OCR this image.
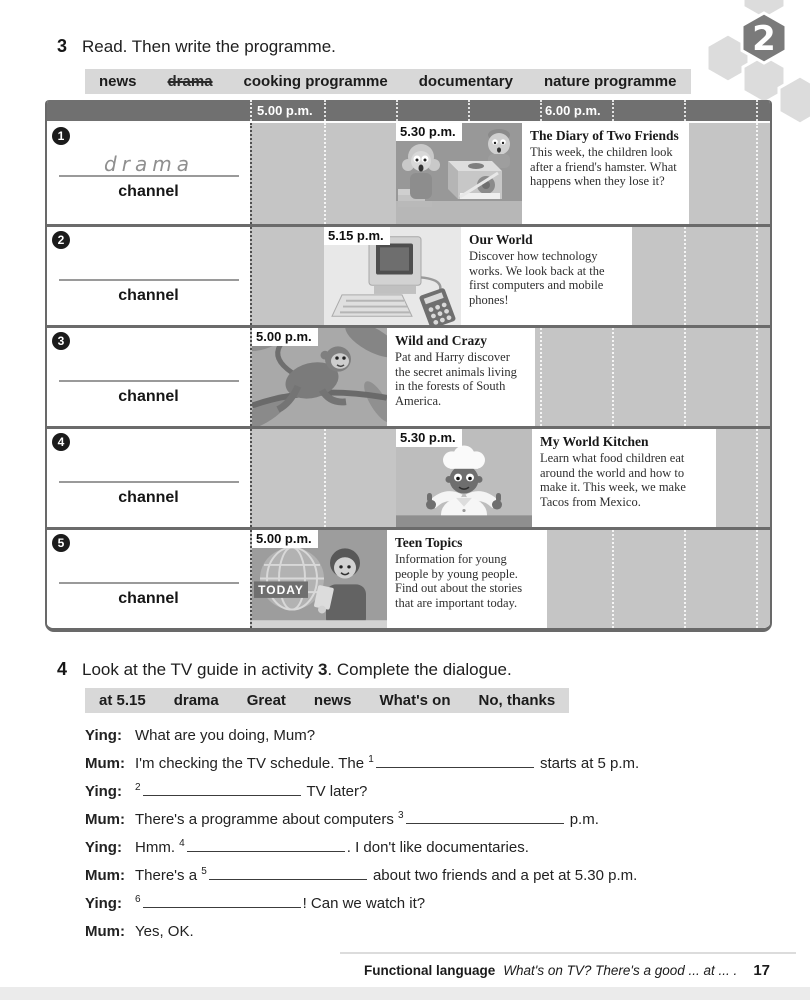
2
3 Read. Then write the programme.
news drama cooking programme documentary nature programme
5.00 p.m.	6.00 p.m.
1
drama
channel
5.30 p.m.	The Diary of Two Friends
This week, the children look after a friend's hamster. What happens when they lose it?
2
channel
5.15 p.m.	Our World
Discover how technology works. We look back at the first computers and mobile phones!
3
channel
5.00 p.m.	Wild and Crazy
Pat and Harry discover the secret animals living in the forests of South America.
4
channel
5.30 p.m.	My World Kitchen
Learn what food children eat around the world and how to make it. This week, we make Tacos from Mexico.
5
channel	TODAY
5.00 p.m.	Teen Topics
Information for young people by young people. Find out about the stories that are important today.
4 Look at the TV guide in activity 3. Complete the dialogue.
at 5.15 drama Great news What's on No, thanks
Ying: What are you doing, Mum?
Mum: I'm checking the TV schedule. The $^1$	starts at 5 p.m.
Ying:	$^2$	TV later?
Mum: There's a programme about computers $^3$	p.m.
Ying: Hmm. $^4$	. I don't like documentaries.
Mum: There's a $^5$	about two friends and a pet at 5.30 p.m.
Ying:	$^6$	! Can we watch it?
Mum: Yes, OK.
Functional language What's on TV? There's a good ... at ... . 17
